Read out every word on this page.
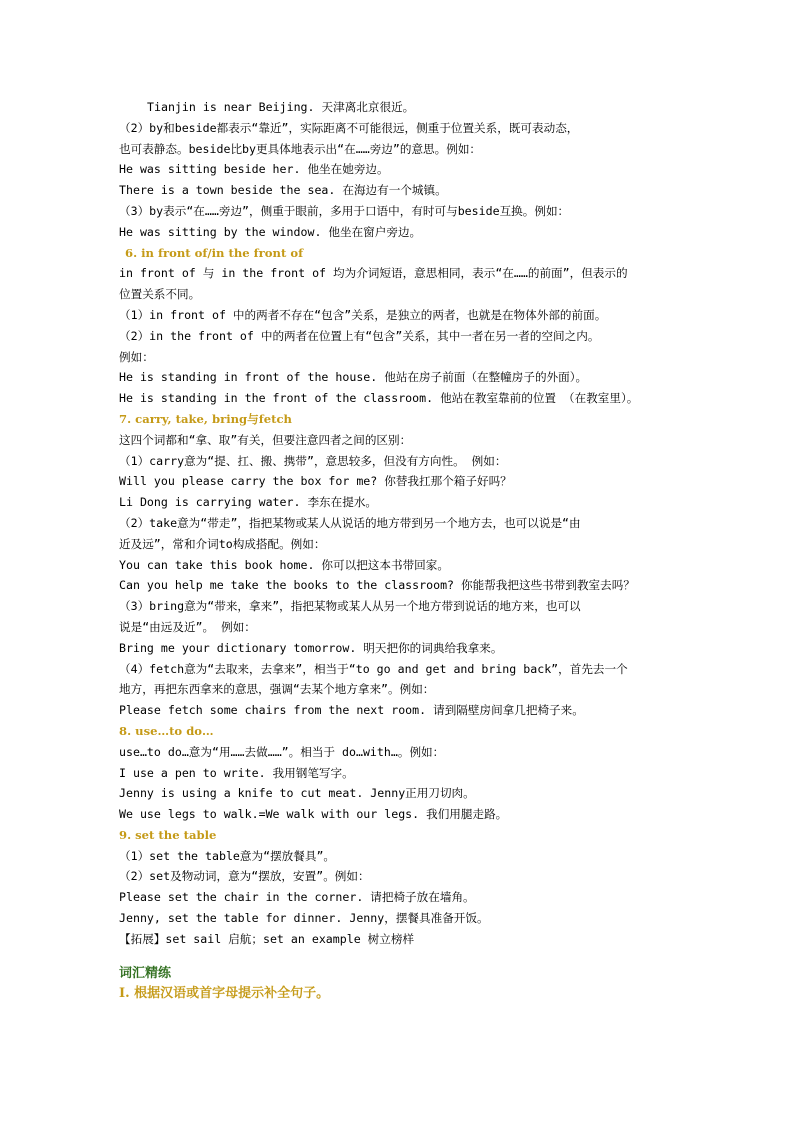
Tianjin is near Beijing. 天津离北京很近。
（2）by和beside都表示“靠近”，实际距离不可能很远，侧重于位置关系，既可表动态，
也可表静态。beside比by更具体地表示出“在……旁边”的意思。例如：
He was sitting beside her. 他坐在她旁边。
There is a town beside the sea. 在海边有一个城镇。
（3）by表示“在……旁边”，侧重于眼前，多用于口语中，有时可与beside互换。例如：
He was sitting by the window. 他坐在窗户旁边。
6. in front of/in the front of
in front of 与 in the front of 均为介词短语，意思相同，表示“在……的前面”，但表示的
位置关系不同。
（1）in front of 中的两者不存在“包含”关系，是独立的两者，也就是在物体外部的前面。
（2）in the front of 中的两者在位置上有“包含”关系，其中一者在另一者的空间之内。
例如：
He is standing in front of the house. 他站在房子前面（在整幢房子的外面）。
He is standing in the front of the classroom. 他站在教室靠前的位置 （在教室里）。
7. carry, take, bring与fetch
这四个词都和“拿、取”有关，但要注意四者之间的区别：
（1）carry意为“提、扛、搬、携带”，意思较多，但没有方向性。 例如：
Will you please carry the box for me? 你替我扛那个箱子好吗？
Li Dong is carrying water. 李东在提水。
（2）take意为“带走”，指把某物或某人从说话的地方带到另一个地方去，也可以说是“由
近及远”，常和介词to构成搭配。例如：
You can take this book home. 你可以把这本书带回家。
Can you help me take the books to the classroom? 你能帮我把这些书带到教室去吗？
（3）bring意为“带来，拿来”，指把某物或某人从另一个地方带到说话的地方来，也可以
说是“由远及近”。 例如：
Bring me your dictionary tomorrow. 明天把你的词典给我拿来。
（4）fetch意为“去取来，去拿来”，相当于“to go and get and bring back”，首先去一个
地方，再把东西拿来的意思，强调“去某个地方拿来”。例如：
Please fetch some chairs from the next room. 请到隔壁房间拿几把椅子来。
8. use…to do…
use…to do…意为“用……去做……”。相当于 do…with…。例如：
I use a pen to write. 我用钢笔写字。
Jenny is using a knife to cut meat. Jenny正用刀切肉。
We use legs to walk.=We walk with our legs. 我们用腿走路。
9. set the table
（1）set the table意为“摆放餐具”。
（2）set及物动词，意为“摆放，安置”。例如：
Please set the chair in the corner. 请把椅子放在墙角。
Jenny, set the table for dinner. Jenny，摆餐具准备开饭。
【拓展】set sail 启航；set an example 树立榜样
词汇精练
I. 根据汉语或首字母提示补全句子。
